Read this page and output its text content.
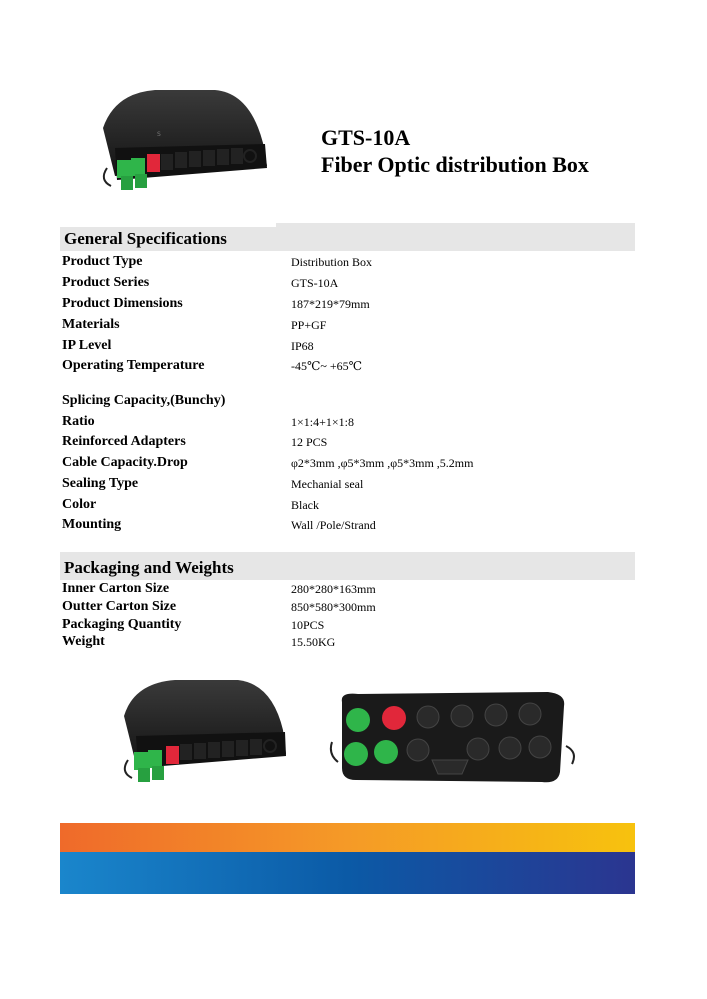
S	GTS-10A
Fiber Optic distribution Box
General Specifications
Product Type	Distribution Box
Product Series	GTS-10A
Product Dimensions	187*219*79mm
Materials	PP+GF
IP Level	IP68
Operating Temperature	-45℃~ +65℃
Splicing Capacity,(Bunchy)
Ratio	1×1:4+1×1:8
Reinforced Adapters	12 PCS
Cable Capacity.Drop	φ2*3mm ,φ5*3mm ,φ5*3mm ,5.2mm
Sealing Type	Mechanial seal
Color	Black
Mounting	Wall /Pole/Strand
Packaging and Weights
Inner Carton Size	280*280*163mm
Outter Carton Size	850*580*300mm
Packaging Quantity	10PCS
Weight	15.50KG
